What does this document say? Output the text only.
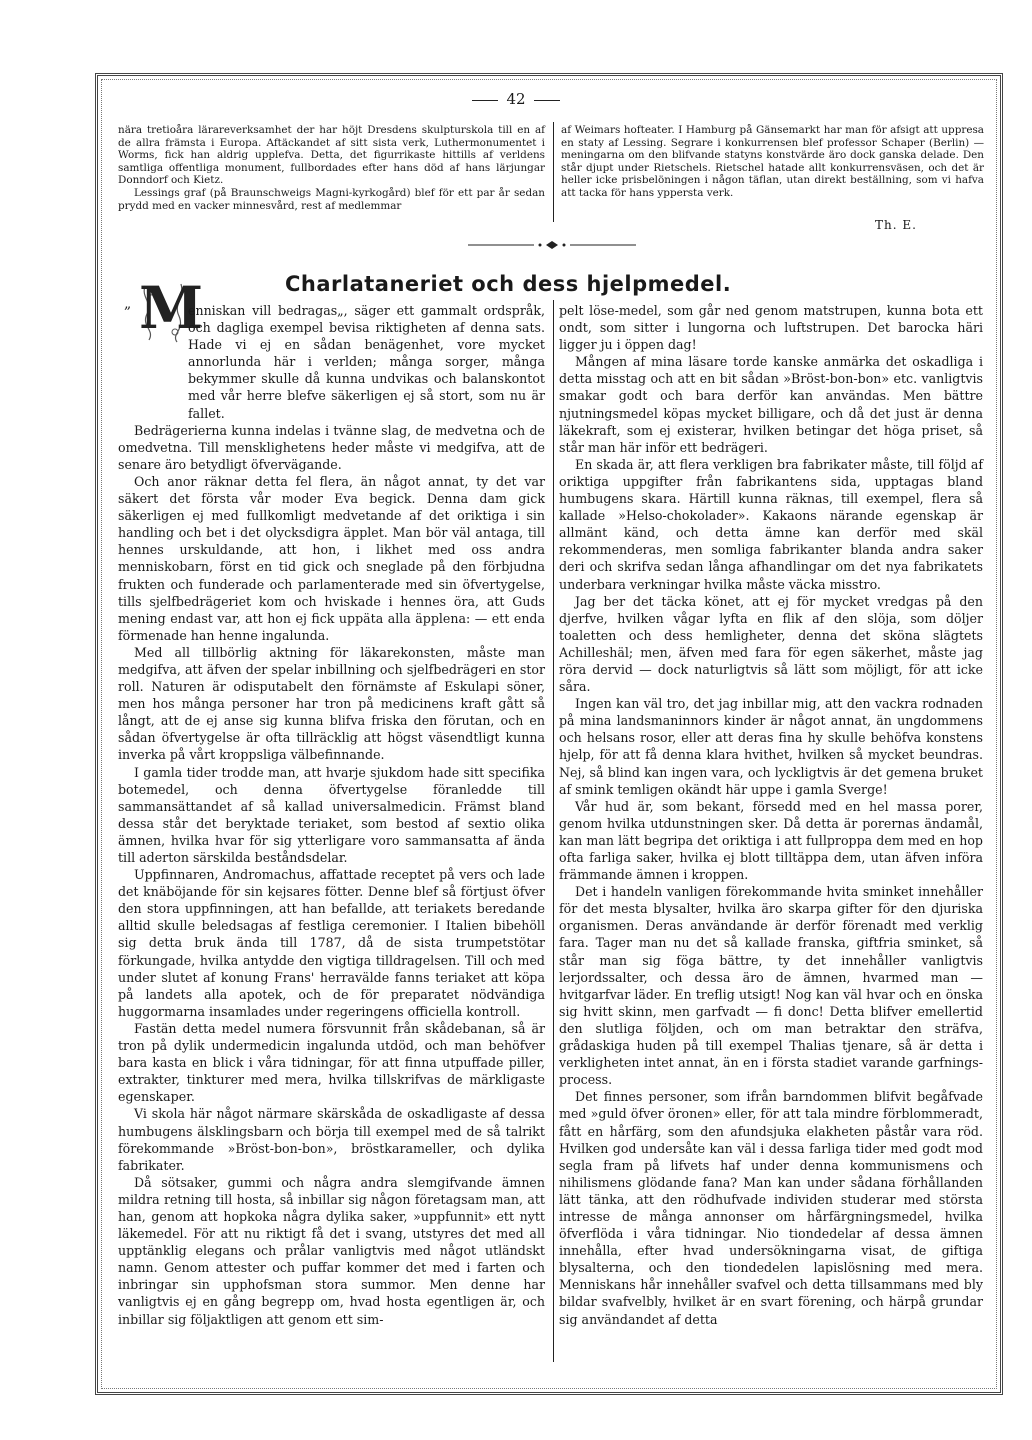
42

nära tretioåra lärareverksamhet der har höjt Dresdens skulpturskola till en af de allra främsta i Europa. Aftäckandet af sitt sista verk, Luthermonumentet i Worms, fick han aldrig upplefva. Detta, det figurrikaste hittills af verldens samtliga offentliga monument, fullbordades efter hans död af hans lärjungar Donndorf och Kietz.

Lessings graf (på Braunschweigs Magni-kyrkogård) blef för ett par år sedan prydd med en vacker minnesvård, rest af medlemmar

af Weimars hofteater. I Hamburg på Gänsemarkt har man för afsigt att uppresa en staty af Lessing. Segrare i konkurrensen blef professor Schaper (Berlin) — meningarna om den blifvande statyns konstvärde äro dock ganska delade. Den står djupt under Rietschels. Rietschel hatade allt konkurrensväsen, och det är heller icke prisbelöningen i någon täflan, utan direkt beställning, som vi hafva att tacka för hans yppersta verk.

Th. E.
Charlataneriet och dess hjelpmedel.
„ M

enniskan vill bedragas„, säger ett gammalt ordspråk, och dagliga exempel bevisa riktigheten af denna sats. Hade vi ej en sådan benägenhet, vore mycket annorlunda här i verlden; många sorger, många bekymmer skulle då kunna undvikas och balanskontot med vår herre blefve säkerligen ej så stort, som nu är fallet.

Bedrägerierna kunna indelas i tvänne slag, de medvetna och de omedvetna. Till mensklighetens heder måste vi medgifva, att de senare äro betydligt öfvervägande.

Och anor räknar detta fel flera, än något annat, ty det var säkert det första vår moder Eva begick. Denna dam gick säkerligen ej med fullkomligt medvetande af det oriktiga i sin handling och bet i det olycksdigra äpplet. Man bör väl antaga, till hennes urskuldande, att hon, i likhet med oss andra menniskobarn, först en tid gick och sneglade på den förbjudna frukten och funderade och parlamenterade med sin öfvertygelse, tills sjelfbedrägeriet kom och hviskade i hennes öra, att Guds mening endast var, att hon ej fick uppäta alla äpplena: — ett enda förmenade han henne ingalunda.

Med all tillbörlig aktning för läkarekonsten, måste man medgifva, att äfven der spelar inbillning och sjelfbedrägeri en stor roll. Naturen är odisputabelt den förnämste af Eskulapi söner, men hos många personer har tron på medicinens kraft gått så långt, att de ej anse sig kunna blifva friska den förutan, och en sådan öfvertygelse är ofta tillräcklig att högst väsendtligt kunna inverka på vårt kroppsliga välbefinnande.

I gamla tider trodde man, att hvarje sjukdom hade sitt specifika botemedel, och denna öfvertygelse föranledde till sammansättandet af så kallad universalmedicin. Främst bland dessa står det beryktade teriaket, som bestod af sextio olika ämnen, hvilka hvar för sig ytterligare voro sammansatta af ända till aderton särskilda beståndsdelar.

Uppfinnaren, Andromachus, affattade receptet på vers och lade det knäböjande för sin kejsares fötter. Denne blef så förtjust öfver den stora uppfinningen, att han befallde, att teriakets beredande alltid skulle beledsagas af festliga ceremonier. I Italien bibehöll sig detta bruk ända till 1787, då de sista trumpetstötar förkungade, hvilka antydde den vigtiga tilldragelsen. Till och med under slutet af konung Frans' herravälde fanns teriaket att köpa på landets alla apotek, och de för preparatet nödvändiga huggormarna insamlades under regeringens officiella kontroll.

Fastän detta medel numera försvunnit från skådebanan, så är tron på dylik undermedicin ingalunda utdöd, och man behöfver bara kasta en blick i våra tidningar, för att finna utpuffade piller, extrakter, tinkturer med mera, hvilka tillskrifvas de märkligaste egenskaper.

Vi skola här något närmare skärskåda de oskadligaste af dessa humbugens älsklingsbarn och börja till exempel med de så talrikt förekommande »Bröst-bon-bon», bröstkarameller, och dylika fabrikater.

Då sötsaker, gummi och några andra slemgifvande ämnen mildra retning till hosta, så inbillar sig någon företagsam man, att han, genom att hopkoka några dylika saker, »uppfunnit» ett nytt läkemedel. För att nu riktigt få det i svang, utstyres det med all upptänklig elegans och prålar vanligtvis med något utländskt namn. Genom attester och puffar kommer det med i farten och inbringar sin upphofsman stora summor. Men denne har vanligtvis ej en gång begrepp om, hvad hosta egentligen är, och inbillar sig följaktligen att genom ett sim-

pelt löse-medel, som går ned genom matstrupen, kunna bota ett ondt, som sitter i lungorna och luftstrupen. Det barocka häri ligger ju i öppen dag!

Mången af mina läsare torde kanske anmärka det oskadliga i detta misstag och att en bit sådan »Bröst-bon-bon» etc. vanligtvis smakar godt och bara derför kan användas. Men bättre njutningsmedel köpas mycket billigare, och då det just är denna läkekraft, som ej existerar, hvilken betingar det höga priset, så står man här inför ett bedrägeri.

En skada är, att flera verkligen bra fabrikater måste, till följd af oriktiga uppgifter från fabrikantens sida, upptagas bland humbugens skara. Härtill kunna räknas, till exempel, flera så kallade »Helso-chokolader». Kakaons närande egenskap är allmänt känd, och detta ämne kan derför med skäl rekommenderas, men somliga fabrikanter blanda andra saker deri och skrifva sedan långa afhandlingar om det nya fabrikatets underbara verkningar hvilka måste väcka misstro.

Jag ber det täcka könet, att ej för mycket vredgas på den djerfve, hvilken vågar lyfta en flik af den slöja, som döljer toaletten och dess hemligheter, denna det sköna slägtets Achilleshäl; men, äfven med fara för egen säkerhet, måste jag röra dervid — dock naturligtvis så lätt som möjligt, för att icke såra.

Ingen kan väl tro, det jag inbillar mig, att den vackra rodnaden på mina landsmaninnors kinder är något annat, än ungdommens och helsans rosor, eller att deras fina hy skulle behöfva konstens hjelp, för att få denna klara hvithet, hvilken så mycket beundras. Nej, så blind kan ingen vara, och lyckligtvis är det gemena bruket af smink temligen okändt här uppe i gamla Sverge!

Vår hud är, som bekant, försedd med en hel massa porer, genom hvilka utdunstningen sker. Då detta är porernas ändamål, kan man lätt begripa det oriktiga i att fullproppa dem med en hop ofta farliga saker, hvilka ej blott tilltäppa dem, utan äfven införa främmande ämnen i kroppen.

Det i handeln vanligen förekommande hvita sminket innehåller för det mesta blysalter, hvilka äro skarpa gifter för den djuriska organismen. Deras användande är derför förenadt med verklig fara. Tager man nu det så kallade franska, giftfria sminket, så står man sig föga bättre, ty det innehåller vanligtvis lerjordssalter, och dessa äro de ämnen, hvarmed man — hvitgarfvar läder. En treflig utsigt! Nog kan väl hvar och en önska sig hvitt skinn, men garfvadt — fi donc! Detta blifver emellertid den slutliga följden, och om man betraktar den sträfva, grådaskiga huden på till exempel Thalias tjenare, så är detta i verkligheten intet annat, än en i första stadiet varande garfnings-process.

Det finnes personer, som ifrån barndommen blifvit begåfvade med »guld öfver öronen» eller, för att tala mindre förblommeradt, fått en hårfärg, som den afundsjuka elakheten påstår vara röd. Hvilken god undersåte kan väl i dessa farliga tider med godt mod segla fram på lifvets haf under denna kommunismens och nihilismens glödande fana? Man kan under sådana förhållanden lätt tänka, att den rödhufvade individen studerar med största intresse de många annonser om hårfärgningsmedel, hvilka öfverflöda i våra tidningar. Nio tiondedelar af dessa ämnen innehålla, efter hvad undersökningarna visat, de giftiga blysalterna, och den tiondedelen lapislösning med mera. Menniskans hår innehåller svafvel och detta tillsammans med bly bildar svafvelbly, hvilket är en svart förening, och härpå grundar sig användandet af detta
